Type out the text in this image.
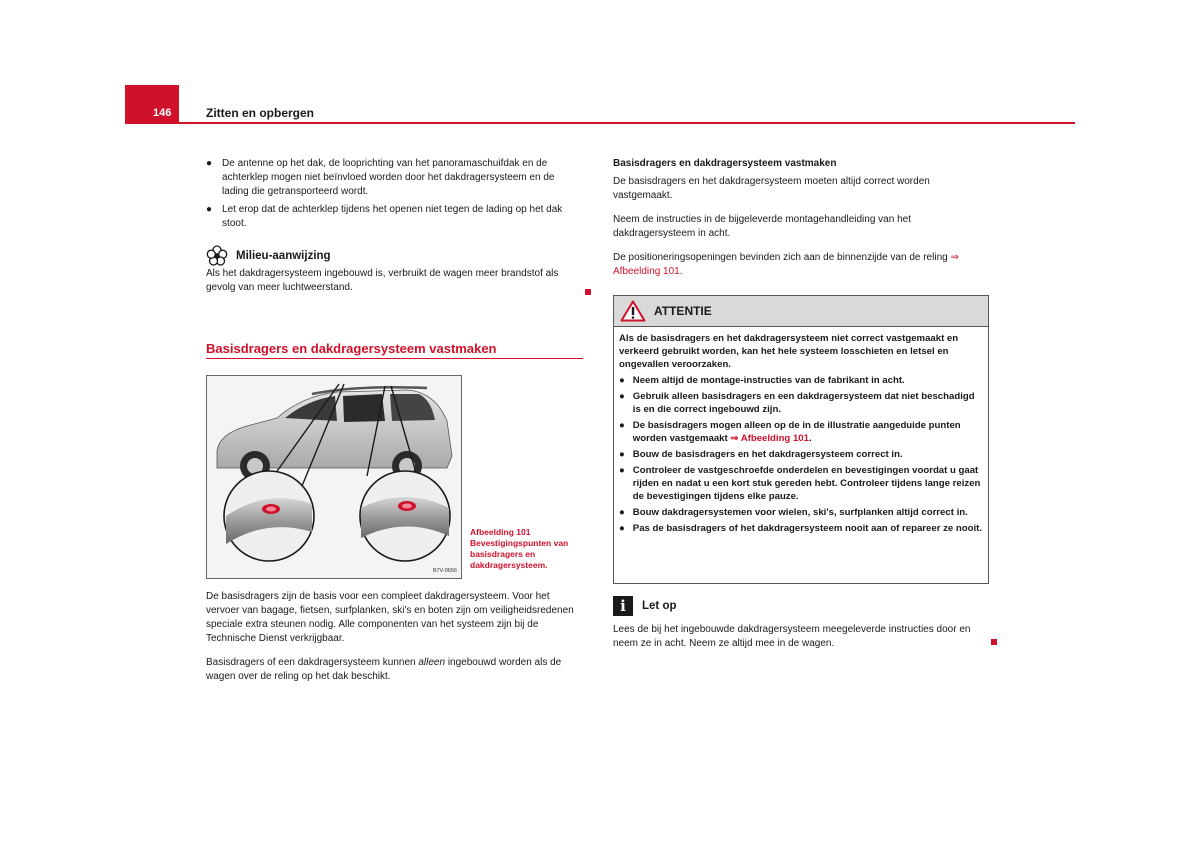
146	Zitten en opbergen
● De antenne op het dak, de looprichting van het panoramaschuifdak en de achterklep mogen niet beïnvloed worden door het dakdragersysteem en de lading die getransporteerd wordt.
● Let erop dat de achterklep tijdens het openen niet tegen de lading op het dak stoot.
Milieu-aanwijzing

Als het dakdragersysteem ingebouwd is, verbruikt de wagen meer brandstof als gevolg van meer luchtweerstand.

Basisdragers en dakdragersysteem vastmaken
B7V-0656
Afbeelding 101 Bevestigingspunten van basisdragers en dakdragersysteem.

De basisdragers zijn de basis voor een compleet dakdragersysteem. Voor het vervoer van bagage, fietsen, surfplanken, ski's en boten zijn om veiligheidsredenen speciale extra steunen nodig. Alle componenten van het systeem zijn bij de Technische Dienst verkrijgbaar.

Basisdragers of een dakdragersysteem kunnen alleen ingebouwd worden als de wagen over de reling op het dak beschikt.

Basisdragers en dakdragersysteem vastmaken

De basisdragers en het dakdragersysteem moeten altijd correct worden vastgemaakt.

Neem de instructies in de bijgeleverde montagehandleiding van het dakdragersysteem in acht.

De positioneringsopeningen bevinden zich aan de binnenzijde van de reling ⇒ Afbeelding 101.

ATTENTIE

Als de basisdragers en het dakdragersysteem niet correct vastgemaakt en verkeerd gebruikt worden, kan het hele systeem losschieten en letsel en ongevallen veroorzaken.

● Neem altijd de montage-instructies van de fabrikant in acht.
● Gebruik alleen basisdragers en een dakdragersysteem dat niet beschadigd is en die correct ingebouwd zijn.
● De basisdragers mogen alleen op de in de illustratie aangeduide punten worden vastgemaakt ⇒ Afbeelding 101.
● Bouw de basisdragers en het dakdragersysteem correct in.
● Controleer de vastgeschroefde onderdelen en bevestigingen voordat u gaat rijden en nadat u een kort stuk gereden hebt. Controleer tijdens lange reizen de bevestigingen tijdens elke pauze.
● Bouw dakdragersystemen voor wielen, ski's, surfplanken altijd correct in.
● Pas de basisdragers of het dakdragersysteem nooit aan of repareer ze nooit.
i	Let op
Lees de bij het ingebouwde dakdragersysteem meegeleverde instructies door en neem ze in acht. Neem ze altijd mee in de wagen.
